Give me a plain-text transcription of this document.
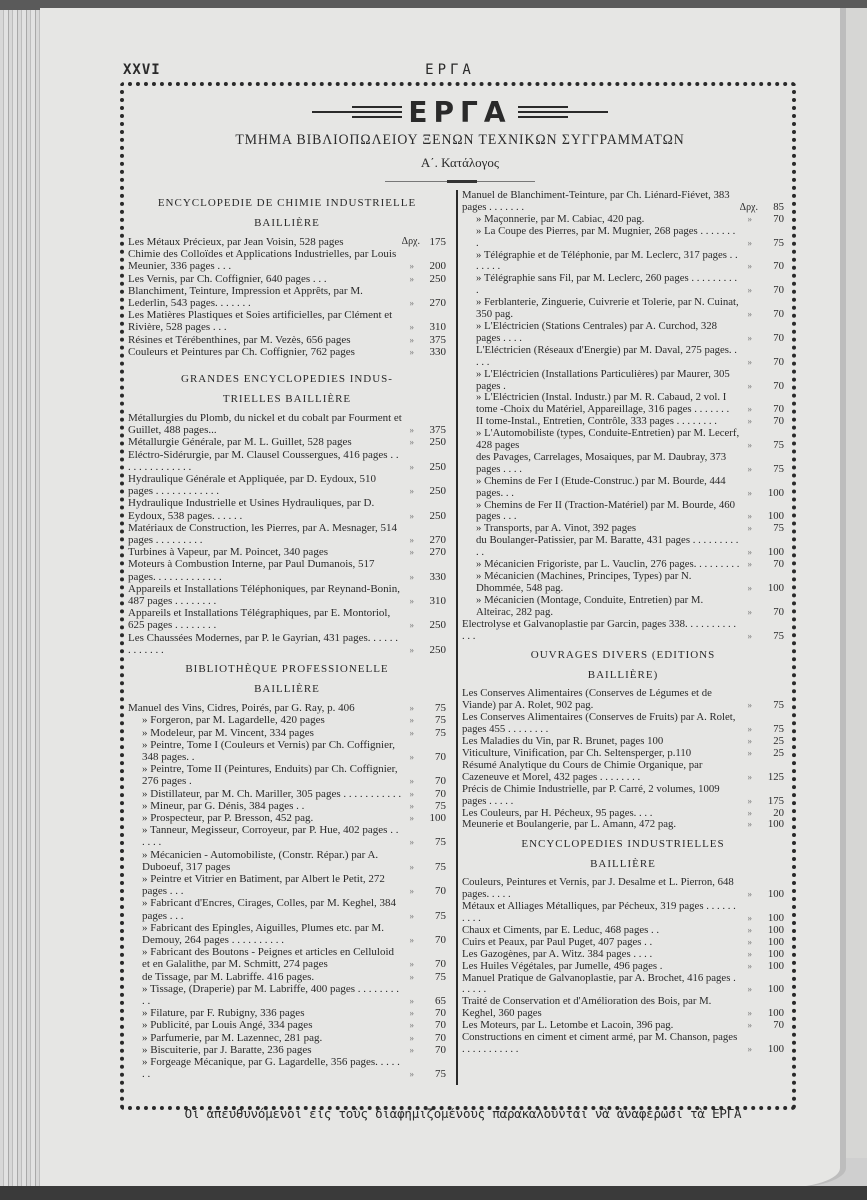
XXVI	ΕΡΓΑ
ΕΡΓΑ
ΤΜΗΜΑ ΒΙΒΛΙΟΠΩΛΕΙΟΥ ΞΕΝΩΝ ΤΕΧΝΙΚΩΝ ΣΥΓΓΡΑΜΜΑΤΩΝ
Α΄. Κατάλογος
ENCYCLOPEDIE DE CHIMIE INDUSTRIELLE
BAILLIÈRE
Les Métaux Précieux, par Jean Voisin, 528 pages	Δρχ. 175
Chimie des Colloïdes et Applications Industrielles, par Louis Meunier, 336 pages . . .	»	200
Les Vernis, par Ch. Coffignier, 640 pages . . .	»	250
Blanchiment, Teinture, Impression et Apprêts, par M. Lederlin, 543 pages. . . . . . .	»	270
Les Matières Plastiques et Soies artificielles, par Clément et Rivière, 528 pages . . .	»	310
Résines et Térébenthines, par M. Vezès, 656 pages	»	375
Couleurs et Peintures par Ch. Coffignier, 762 pages	»	330
GRANDES ENCYCLOPEDIES INDUS-
TRIELLES BAILLIÈRE
Métallurgies du Plomb, du nickel et du cobalt par Fourment et Guillet, 488 pages...	»	375
Métallurgie Générale, par M. L. Guillet, 528 pages	»	250
Eléctro-Sidérurgie, par M. Clausel Coussergues, 416 pages . . . . . . . . . . . . . .	»	250
Hydraulique Générale et Appliquée, par D. Eydoux, 510 pages . . . . . . . . . . . .	»	250
Hydraulique Industrielle et Usines Hydrauliques, par D. Eydoux, 538 pages. . . . . .	»	250
Matériaux de Construction, les Pierres, par A. Mesnager, 514 pages . . . . . . . . .	»	270
Turbines à Vapeur, par M. Poincet, 340 pages	»	270
Moteurs à Combustion Interne, par Paul Dumanois, 517 pages. . . . . . . . . . . . .	»	330
Appareils et Installations Téléphoniques, par Reynand-Bonin, 487 pages . . . . . . . .	»	310
Appareils et Installations Télégraphiques, par E. Montoriol, 625 pages . . . . . . . .	»	250
Les Chaussées Modernes, par P. le Gayrian, 431 pages. . . . . . . . . . . . .	»	250
BIBLIOTHÈQUE PROFESSIONELLE
BAILLIÈRE
Manuel des Vins, Cidres, Poirés, par G. Ray, p. 406	»	75
» Forgeron, par M. Lagardelle, 420 pages	»	75
» Modeleur, par M. Vincent, 334 pages	»	75
» Peintre, Tome I (Couleurs et Vernis) par Ch. Coffignier, 348 pages. .	»	70
» Peintre, Tome II (Peintures, Enduits) par Ch. Coffignier, 276 pages .	»	70
» Distillateur, par M. Ch. Mariller, 305 pages . . . . . . . . . . . »	70
» Mineur, par G. Dénis, 384 pages . .	»	75
» Prospecteur, par P. Bresson, 452 pag.	»	100
» Tanneur, Megisseur, Corroyeur, par P. Hue, 402 pages . . . . . .	»	75
» Mécanicien - Automobiliste, (Constr. Répar.) par A. Duboeuf, 317 pages	»	75
» Peintre et Vitrier en Batiment, par Albert le Petit, 272 pages . . .	»	70
» Fabricant d'Encres, Cirages, Colles, par M. Keghel, 384 pages . . .	»	75
» Fabricant des Epingles, Aiguilles, Plumes etc. par M. Demouy, 264 pages . . . . . . . . . .	»	70
» Fabricant des Boutons - Peignes et articles en Celluloid et en Galalithe, par M. Schmitt, 274 pages	»	70
de Tissage, par M. Labriffe. 416 pages.	»	75
» Tissage, (Draperie) par M. Labriffe, 400 pages . . . . . . . . . .	»	65
» Filature, par F. Rubigny, 336 pages	»	70
» Publicité, par Louis Angé, 334 pages	»	70
» Parfumerie, par M. Lazennec, 281 pag.	»	70
» Biscuiterie, par J. Baratte, 236 pages	»	70
» Forgeage Mécanique, par G. Lagardelle, 356 pages. . . . . . .	»	75
Manuel de Blanchiment-Teinture, par Ch. Liénard-Fiévet, 383 pages . . . . . . .	Δρχ.	85
» Maçonnerie, par M. Cabiac, 420 pag.	»	70
» La Coupe des Pierres, par M. Mugnier, 268 pages . . . . . . . .	»	75
» Télégraphie et de Téléphonie, par M. Leclerc, 317 pages . . . . . . .	»	70
» Télégraphie sans Fil, par M. Leclerc, 260 pages . . . . . . . . . .	»	70
» Ferblanterie, Zinguerie, Cuivrerie et Tolerie, par N. Cuinat, 350 pag.	»	70
» L'Eléctricien (Stations Centrales) par A. Curchod, 328 pages . . . .	»	70
L'Eléctricien (Réseaux d'Energie) par M. Daval, 275 pages. . . . .	»	70
» L'Eléctricien (Installations Particulières) par Maurer, 305 pages .	»	70
» L'Eléctricien (Instal. Industr.) par M. R. Cabaud, 2 vol. I tome -Choix du Matériel, Appareillage, 316 pages . . . . . . .	»	70
II tome-Instal., Entretien, Contrôle, 333 pages . . . . . . . .	»	70
» L'Automobiliste (types, Conduite-Entretien) par M. Lecerf, 428 pages	»	75
des Pavages, Carrelages, Mosaiques, par M. Daubray, 373 pages . . . .	»	75
» Chemins de Fer I (Etude-Construc.) par M. Bourde, 444 pages. . .	»	100
» Chemins de Fer II (Traction-Matériel) par M. Bourde, 460 pages . . .	»	100
» Transports, par A. Vinot, 392 pages	»	75
du Boulanger-Patissier, par M. Baratte, 431 pages . . . . . . . . . . .	»	100
» Mécanicien Frigoriste, par L. Vauclin, 276 pages. . . . . . . . . »	70
» Mécanicien (Machines, Principes, Types) par N. Dhommée, 548 pag.	»	100
» Mécanicien (Montage, Conduite, Entretien) par M. Alteirac, 282 pag.	»	70
Electrolyse et Galvanoplastie par Garcin, pages 338. . . . . . . . . . . . .	»	75
OUVRAGES DIVERS (EDITIONS
BAILLIÈRE)
Les Conserves Alimentaires (Conserves de Légumes et de Viande) par A. Rolet, 902 pag.	»	75
Les Conserves Alimentaires (Conserves de Fruits) par A. Rolet, pages 455 . . . . . . . .	»	75
Les Maladies du Vin, par R. Brunet, pages 100	»	25
Viticulture, Vinification, par Ch. Seltensperger, p.110	»	25
Résumé Analytique du Cours de Chimie Organique, par Cazeneuve et Morel, 432 pages . . . . . . . .	»	125
Précis de Chimie Industrielle, par P. Carré, 2 volumes, 1009 pages . . . . .	»	175
Les Couleurs, par H. Pécheux, 95 pages. . . .	»	20
Meunerie et Boulangerie, par L. Amann, 472 pag.	»	100
ENCYCLOPEDIES INDUSTRIELLES
BAILLIÈRE
Couleurs, Peintures et Vernis, par J. Desalme et L. Pierron, 648 pages. . . . .	»	100
Métaux et Alliages Métalliques, par Pécheux, 319 pages . . . . . . . . . .	»	100
Chaux et Ciments, par E. Leduc, 468 pages . .	»	100
Cuirs et Peaux, par Paul Puget, 407 pages . .	»	100
Les Gazogènes, par A. Witz. 384 pages . . . .	»	100
Les Huiles Végétales, par Jumelle, 496 pages .	»	100
Manuel Pratique de Galvanoplastie, par A. Brochet, 416 pages . . . . . .	»	100
Traité de Conservation et d'Amélioration des Bois, par M. Keghel, 360 pages	»	100
Les Moteurs, par L. Letombe et Lacoin, 396 pag.	»	70
Constructions en ciment et ciment armé, par M. Chanson, pages . . . . . . . . . . .	»	100
Οἱ ἀπευθυνόμενοι εἰς τοὺς διαφημιζομένους παρακαλοῦνται νὰ ἀναφέρωσι τὰ ΕΡΓΑ
